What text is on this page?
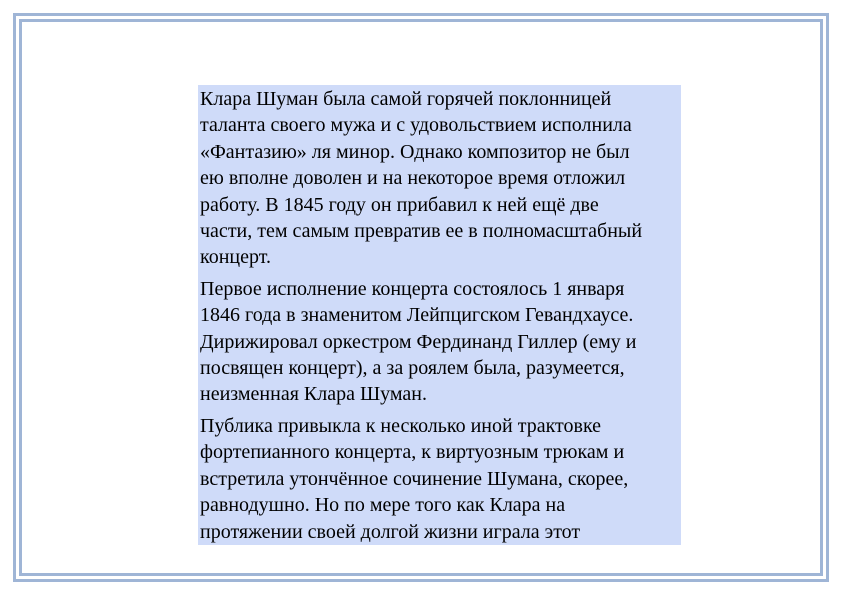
Клара Шуман была самой горячей поклонницей
таланта своего мужа и с удовольствием исполнила
«Фантазию» ля минор. Однако композитор не был
ею вполне доволен и на некоторое время отложил
работу. В 1845 году он прибавил к ней ещё две
части, тем самым превратив ее в полномасштабный
концерт.

Первое исполнение концерта состоялось 1 января
1846 года в знаменитом Лейпцигском Гевандхаусе.
Дирижировал оркестром Фердинанд Гиллер (ему и
посвящен концерт), а за роялем была, разумеется,
неизменная Клара Шуман.

Публика привыкла к несколько иной трактовке
фортепианного концерта, к виртуозным трюкам и
встретила утончённое сочинение Шумана, скорее,
равнодушно. Но по мере того как Клара на
протяжении своей долгой жизни играла этот
